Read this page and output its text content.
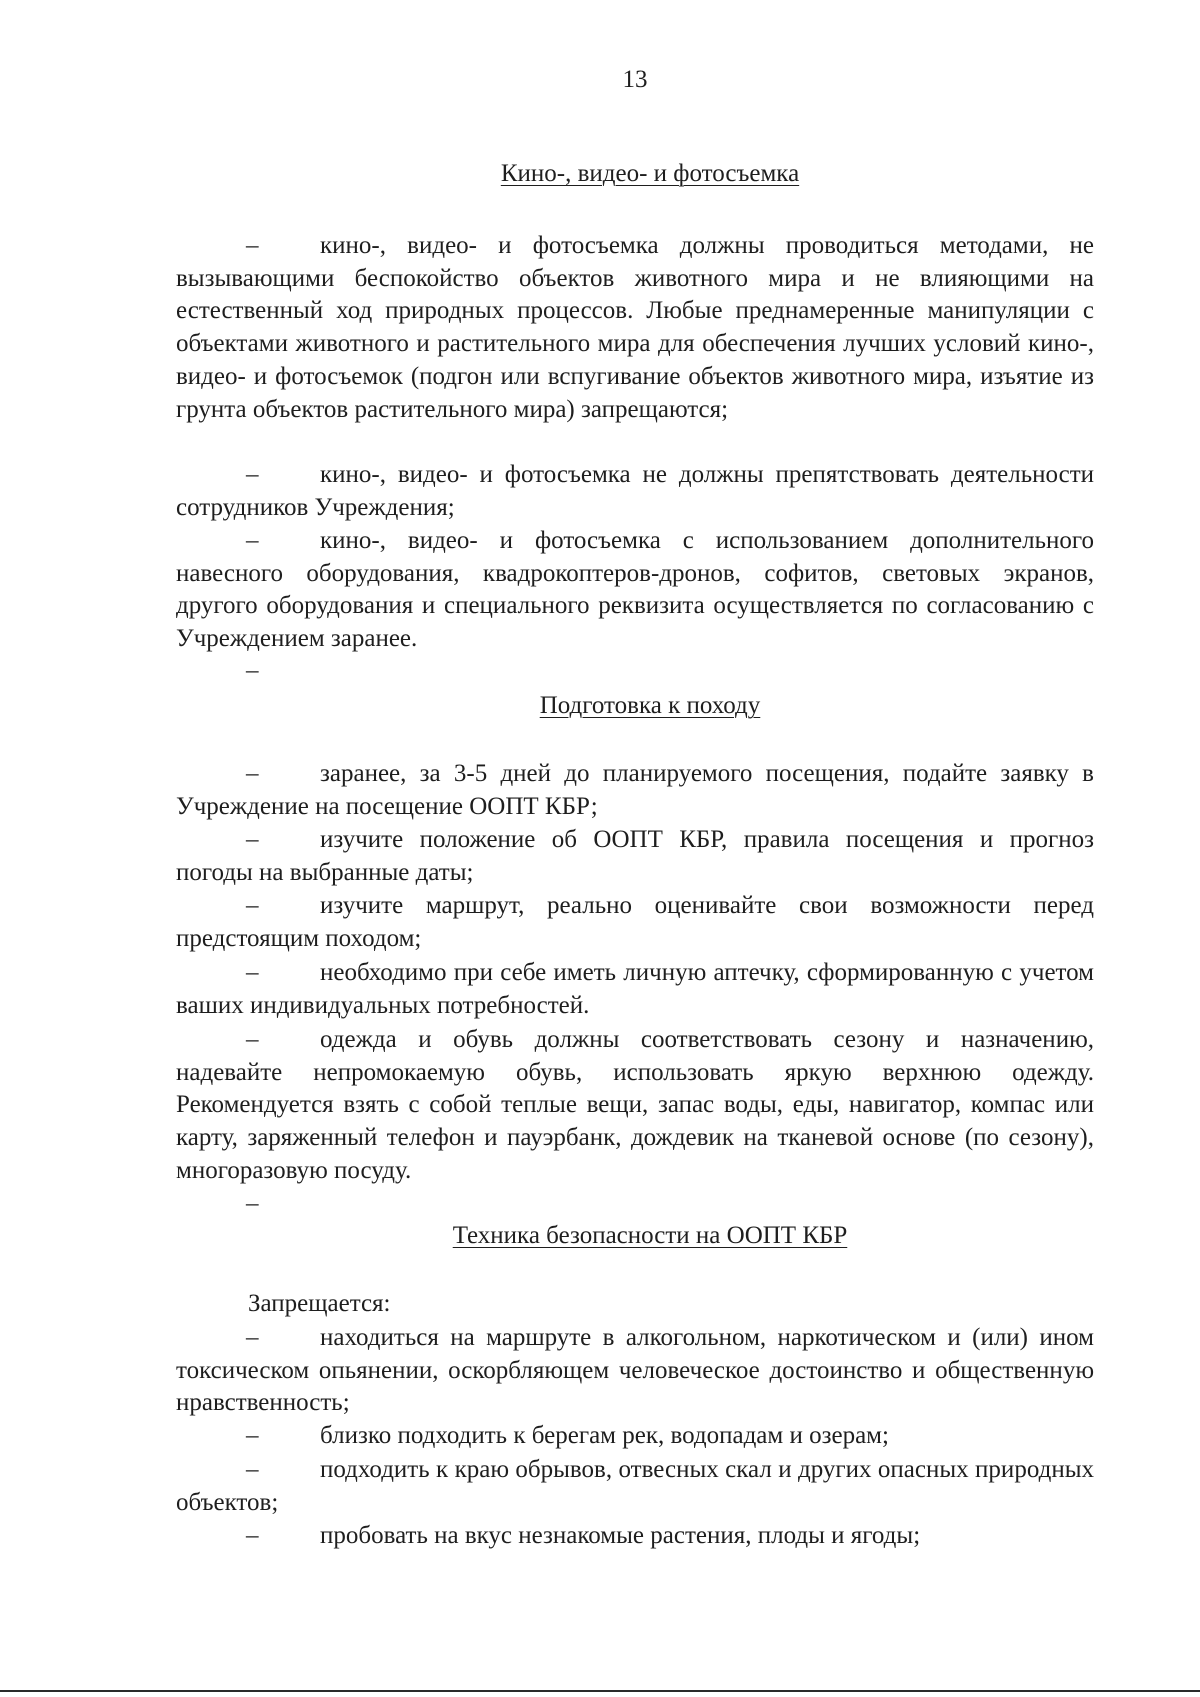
13
Кино-, видео- и фотосъемка
–	кино-, видео- и фотосъемка должны проводиться методами, не вызывающими беспокойство объектов животного мира и не влияющими на естественный ход природных процессов. Любые преднамеренные манипуляции с объектами животного и растительного мира для обеспечения лучших условий кино-, видео- и фотосъемок (подгон или вспугивание объектов животного мира, изъятие из грунта объектов растительного мира) запрещаются;
–	кино-, видео- и фотосъемка не должны препятствовать деятельности сотрудников Учреждения;
–	кино-, видео- и фотосъемка с использованием дополнительного навесного оборудования, квадрокоптеров-дронов, софитов, световых экранов, другого оборудования и специального реквизита осуществляется по согласованию с Учреждением заранее.
–
Подготовка к походу
–	заранее, за 3-5 дней до планируемого посещения, подайте заявку в Учреждение на посещение ООПТ КБР;
–	изучите положение об ООПТ КБР, правила посещения и прогноз погоды на выбранные даты;
–	изучите маршрут, реально оценивайте свои возможности перед предстоящим походом;
–	необходимо при себе иметь личную аптечку, сформированную с учетом ваших индивидуальных потребностей.
–	одежда и обувь должны соответствовать сезону и назначению, надевайте непромокаемую обувь, использовать яркую верхнюю одежду. Рекомендуется взять с собой теплые вещи, запас воды, еды, навигатор, компас или карту, заряженный телефон и пауэрбанк, дождевик на тканевой основе (по сезону), многоразовую посуду.
–
Техника безопасности на ООПТ КБР
Запрещается:
–	находиться на маршруте в алкогольном, наркотическом и (или) ином токсическом опьянении, оскорбляющем человеческое достоинство и общественную нравственность;
–	близко подходить к берегам рек, водопадам и озерам;
–	подходить к краю обрывов, отвесных скал и других опасных природных объектов;
–	пробовать на вкус незнакомые растения, плоды и ягоды;
